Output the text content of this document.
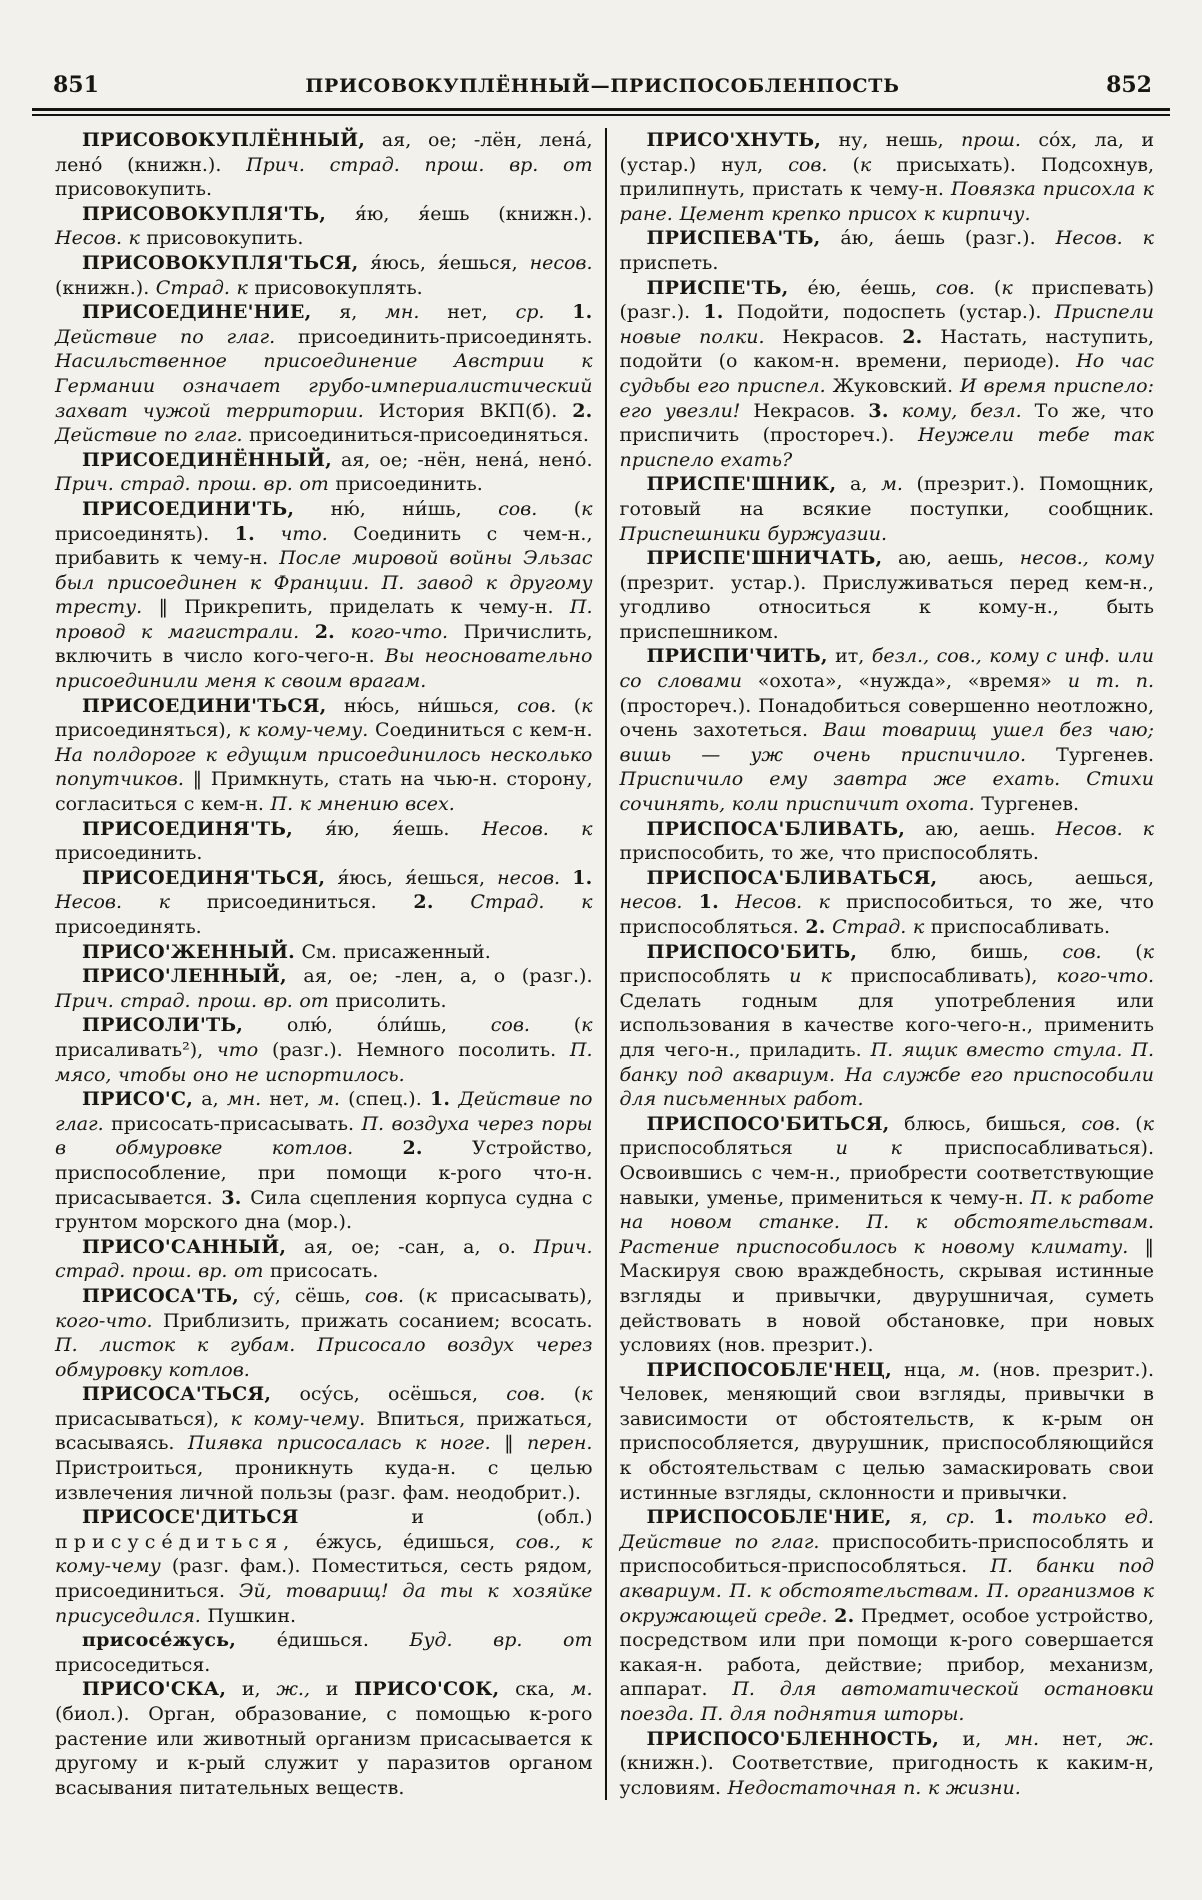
851	ПРИСОВОКУПЛЁННЫЙ—ПРИСПОСОБЛЕНПОСТЬ	852

ПРИСОВОКУПЛЁННЫЙ, ая, ое; -лён, лена́, лено́ (книжн.). Прич. страд. прош. вр. от присовокупить.

ПРИСОВОКУПЛЯ'ТЬ, я́ю, я́ешь (книжн.). Несов. к присовокупить.

ПРИСОВОКУПЛЯ'ТЬСЯ, я́юсь, я́ешься, несов. (книжн.). Страд. к присовокуплять.

ПРИСОЕДИНЕ'НИЕ, я, мн. нет, ср. 1. Действие по глаг. присоединить-присоединять. Насильственное присоединение Австрии к Германии означает грубо-империалистический захват чужой территории. История ВКП(б). 2. Действие по глаг. присоединиться-присоединяться.

ПРИСОЕДИНЁННЫЙ, ая, ое; -нён, нена́, нено́. Прич. страд. прош. вр. от присоединить.

ПРИСОЕДИНИ'ТЬ, ню́, ни́шь, сов. (к присоединять). 1. что. Соединить с чем-н., прибавить к чему-н. После мировой войны Эльзас был присоединен к Франции. П. завод к другому тресту. ‖ Прикрепить, приделать к чему-н. П. провод к магистрали. 2. кого-что. Причислить, включить в число кого-чего-н. Вы неосновательно присоединили меня к своим врагам.

ПРИСОЕДИНИ'ТЬСЯ, ню́сь, ни́шься, сов. (к присоединяться), к кому-чему. Соединиться с кем-н. На полдороге к едущим присоединилось несколько попутчиков. ‖ Примкнуть, стать на чью-н. сторону, согласиться с кем-н. П. к мнению всех.

ПРИСОЕДИНЯ'ТЬ, я́ю, я́ешь. Несов. к присоединить.

ПРИСОЕДИНЯ'ТЬСЯ, я́юсь, я́ешься, несов. 1. Несов. к присоединиться. 2. Страд. к присоединять.

ПРИСО'ЖЕННЫЙ. См. присаженный.

ПРИСО'ЛЕННЫЙ, ая, ое; -лен, а, о (разг.). Прич. страд. прош. вр. от присолить.

ПРИСОЛИ'ТЬ, олю́, о́ли́шь, сов. (к присаливать²), что (разг.). Немного посолить. П. мясо, чтобы оно не испортилось.

ПРИСО'С, а, мн. нет, м. (спец.). 1. Действие по глаг. присосать-присасывать. П. воздуха через поры в обмуровке котлов.	2. Устройство, приспособление, при помощи к-рого что-н. присасывается. 3. Сила сцепления корпуса судна с грунтом морского дна (мор.).

ПРИСО'САННЫЙ, ая, ое; -сан, а, о. Прич. страд. прош. вр. от присосать.

ПРИСОСА'ТЬ, су́, сёшь, сов. (к присасывать), кого-что. Приблизить, прижать сосанием; всосать. П. листок к губам. Присосало воздух через обмуровку котлов.

ПРИСОСА'ТЬСЯ, осу́сь, осёшься, сов. (к присасываться), к кому-чему. Впиться, прижаться, всасываясь. Пиявка присосалась к ноге. ‖ перен. Пристроиться, проникнуть куда-н. с целью извлечения личной пользы (разг. фам. неодобрит.).

ПРИСОСЕ'ДИТЬСЯ и (обл.) присусе́диться, е́жусь, е́дишься, сов., к кому-чему (разг. фам.). Поместиться, сесть рядом, присоединиться. Эй, товарищ! да ты к хозяйке присуседился. Пушкин.

присосе́жусь, е́дишься. Буд. вр. от присоседиться.

ПРИСО'СКА, и, ж., и ПРИСО'СОК, ска, м. (биол.). Орган, образование, с помощью к-рого растение или животный организм присасывается к другому и к-рый служит у паразитов органом всасывания питательных веществ.

ПРИСО'ХНУТЬ, ну, нешь, прош. со́х, ла, и (устар.) нул, сов. (к присыхать). Подсохнув, прилипнуть, пристать к чему-н. Повязка присохла к ране. Цемент крепко присох к кирпичу.

ПРИСПЕВА'ТЬ, а́ю, а́ешь (разг.). Несов. к приспеть.

ПРИСПЕ'ТЬ, е́ю, е́ешь, сов. (к приспевать) (разг.). 1. Подойти, подоспеть (устар.). Приспели новые полки. Некрасов. 2. Настать, наступить, подойти (о каком-н. времени, периоде). Но час судьбы его приспел. Жуковский. И время приспело: его увезли! Некрасов. 3. кому, безл. То же, что приспичить (простореч.). Неужели тебе так приспело ехать?

ПРИСПЕ'ШНИК, а, м. (презрит.). Помощник, готовый на всякие поступки, сообщник. Приспешники буржуазии.

ПРИСПЕ'ШНИЧАТЬ, аю, аешь, несов., кому (презрит. устар.). Прислуживаться перед кем-н., угодливо относиться к кому-н., быть приспешником.

ПРИСПИ'ЧИТЬ, ит, безл., сов., кому с инф. или со словами «охота», «нужда», «время» и т. п. (простореч.). Понадобиться совершенно неотложно, очень захотеться. Ваш товарищ ушел без чаю; вишь — уж очень приспичило. Тургенев. Приспичило ему завтра же ехать. Стихи сочинять, коли приспичит охота. Тургенев.

ПРИСПОСА'БЛИВАТЬ, аю, аешь. Несов. к приспособить, то же, что приспособлять.

ПРИСПОСА'БЛИВАТЬСЯ, аюсь, аешься, несов. 1. Несов. к приспособиться, то же, что приспособляться. 2. Страд. к приспосабливать.

ПРИСПОСО'БИТЬ, блю, бишь, сов. (к приспособлять и к приспосабливать), кого-что. Сделать годным для употребления или использования в качестве кого-чего-н., применить для чего-н., приладить. П. ящик вместо стула. П. банку под аквариум. На службе его приспособили для письменных работ.

ПРИСПОСО'БИТЬСЯ, блюсь, бишься, сов. (к приспособляться и к приспосабливаться). Освоившись с чем-н., приобрести соответствующие навыки, уменье, примениться к чему-н. П. к работе на новом станке. П. к обстоятельствам. Растение приспособилось к новому климату. ‖ Маскируя свою враждебность, скрывая истинные взгляды и привычки, двурушничая, суметь действовать в новой обстановке, при новых условиях (нов. презрит.).

ПРИСПОСОБЛЕ'НЕЦ, нца, м. (нов. презрит.). Человек, меняющий свои взгляды, привычки в зависимости от обстоятельств, к к-рым он приспособляется, двурушник, приспособляющийся к обстоятельствам с целью замаскировать свои истинные взгляды, склонности и привычки.

ПРИСПОСОБЛЕ'НИЕ, я, ср. 1. только ед. Действие по глаг. приспособить-приспособлять и приспособиться-приспособляться. П. банки под аквариум. П. к обстоятельствам. П. организмов к окружающей среде. 2. Предмет, особое устройство, посредством или при помощи к-рого совершается какая-н. работа, действие; прибор, механизм, аппарат. П. для автоматической остановки поезда. П. для поднятия шторы.

ПРИСПОСО'БЛЕННОСТЬ, и, мн. нет, ж. (книжн.). Соответствие, пригодность к каким-н, условиям. Недостаточная п. к жизни.
